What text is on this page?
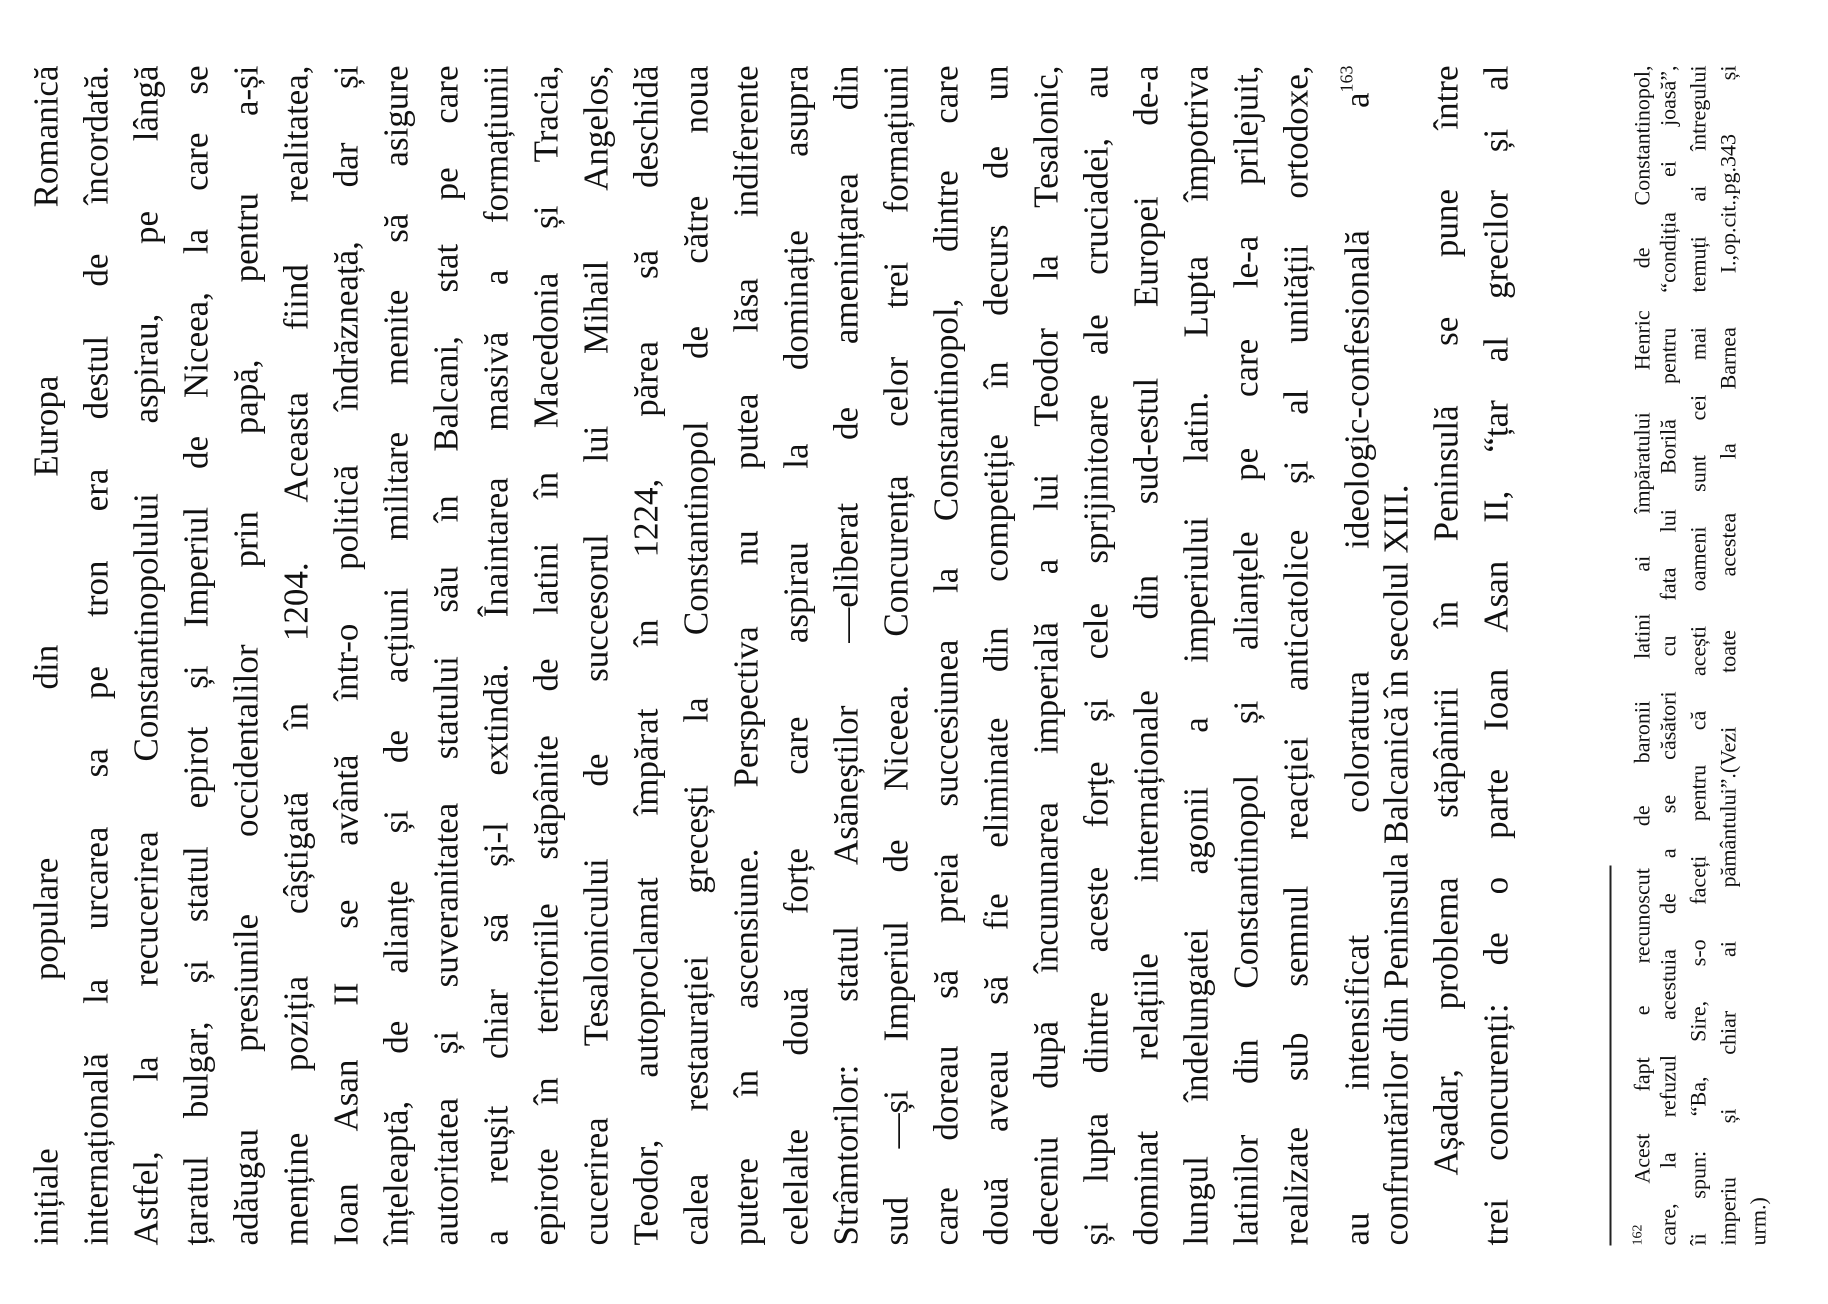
inițiale populare din Europa Romanică internațională la urcarea sa pe tron era destul de încordată. Astfel, la recucerirea Constantinopolului aspirau, pe lângă țaratul bulgar, și statul epirot și Imperiul de Niceea, la care se adăugau presiunile occidentalilor prin papă, pentru a-și menține poziția câștigată în 1204. Aceasta fiind realitatea, Ioan Asan II se avântă într-o politică îndrăzneață, dar și înțeleaptă, de alianțe și de acțiuni militare menite să asigure autoritatea și suveranitatea statului său în Balcani, stat pe care a reușit chiar să și-l extindă. Înaintarea masivă a formațiunii epirote în teritoriile stăpânite de latini în Macedonia și Tracia, cucerirea Tesalonicului de succesorul lui Mihail Angelos, Teodor, autoproclamat împărat în 1224, părea să deschidă calea restaurației grecești la Constantinopol de către noua putere în ascensiune. Perspectiva nu putea lăsa indiferente celelalte două forțe care aspirau la dominație asupra Strâmtorilor: statul Asăneștilor —eliberat de amenințarea din sud —și Imperiul de Niceea. Concurența celor trei formațiuni care doreau să preia succesiunea la Constantinopol, dintre care două aveau să fie eliminate din competiție în decurs de un deceniu după încununarea imperială a lui Teodor la Tesalonic, și lupta dintre aceste forțe și cele sprijinitoare ale cruciadei, au dominat relațiile internaționale din sud-estul Europei de-a lungul îndelungatei agonii a imperiului latin. Lupta împotriva latinilor din Constantinopol și alianțele pe care le-a prilejuit, realizate sub semnul reacției anticatolice și al unității ortodoxe, au intensificat coloratura ideologic-confesională $a^{163}$
confruntărilor din Peninsula Balcanică în secolul XIII. Așadar, problema stăpânirii în Peninsulă se pune între trei concurenți: de o parte Ioan Asan II, “țar al grecilor și al	$^{162}$ Acest fapt e recunoscut de baronii latini ai împăratului Henric de Constantinopol, care, la refuzul acestuia de a se căsători cu fata lui Borilă pentru “condiția ei joasă”, îi spun: “Ba, Sire, s-o faceți pentru că acești oameni sunt cei mai temuți ai întregului imperiu și chiar ai pământului”.(Vezi toate acestea la Barnea I.,op.cit.,pg.343 și urm.)
